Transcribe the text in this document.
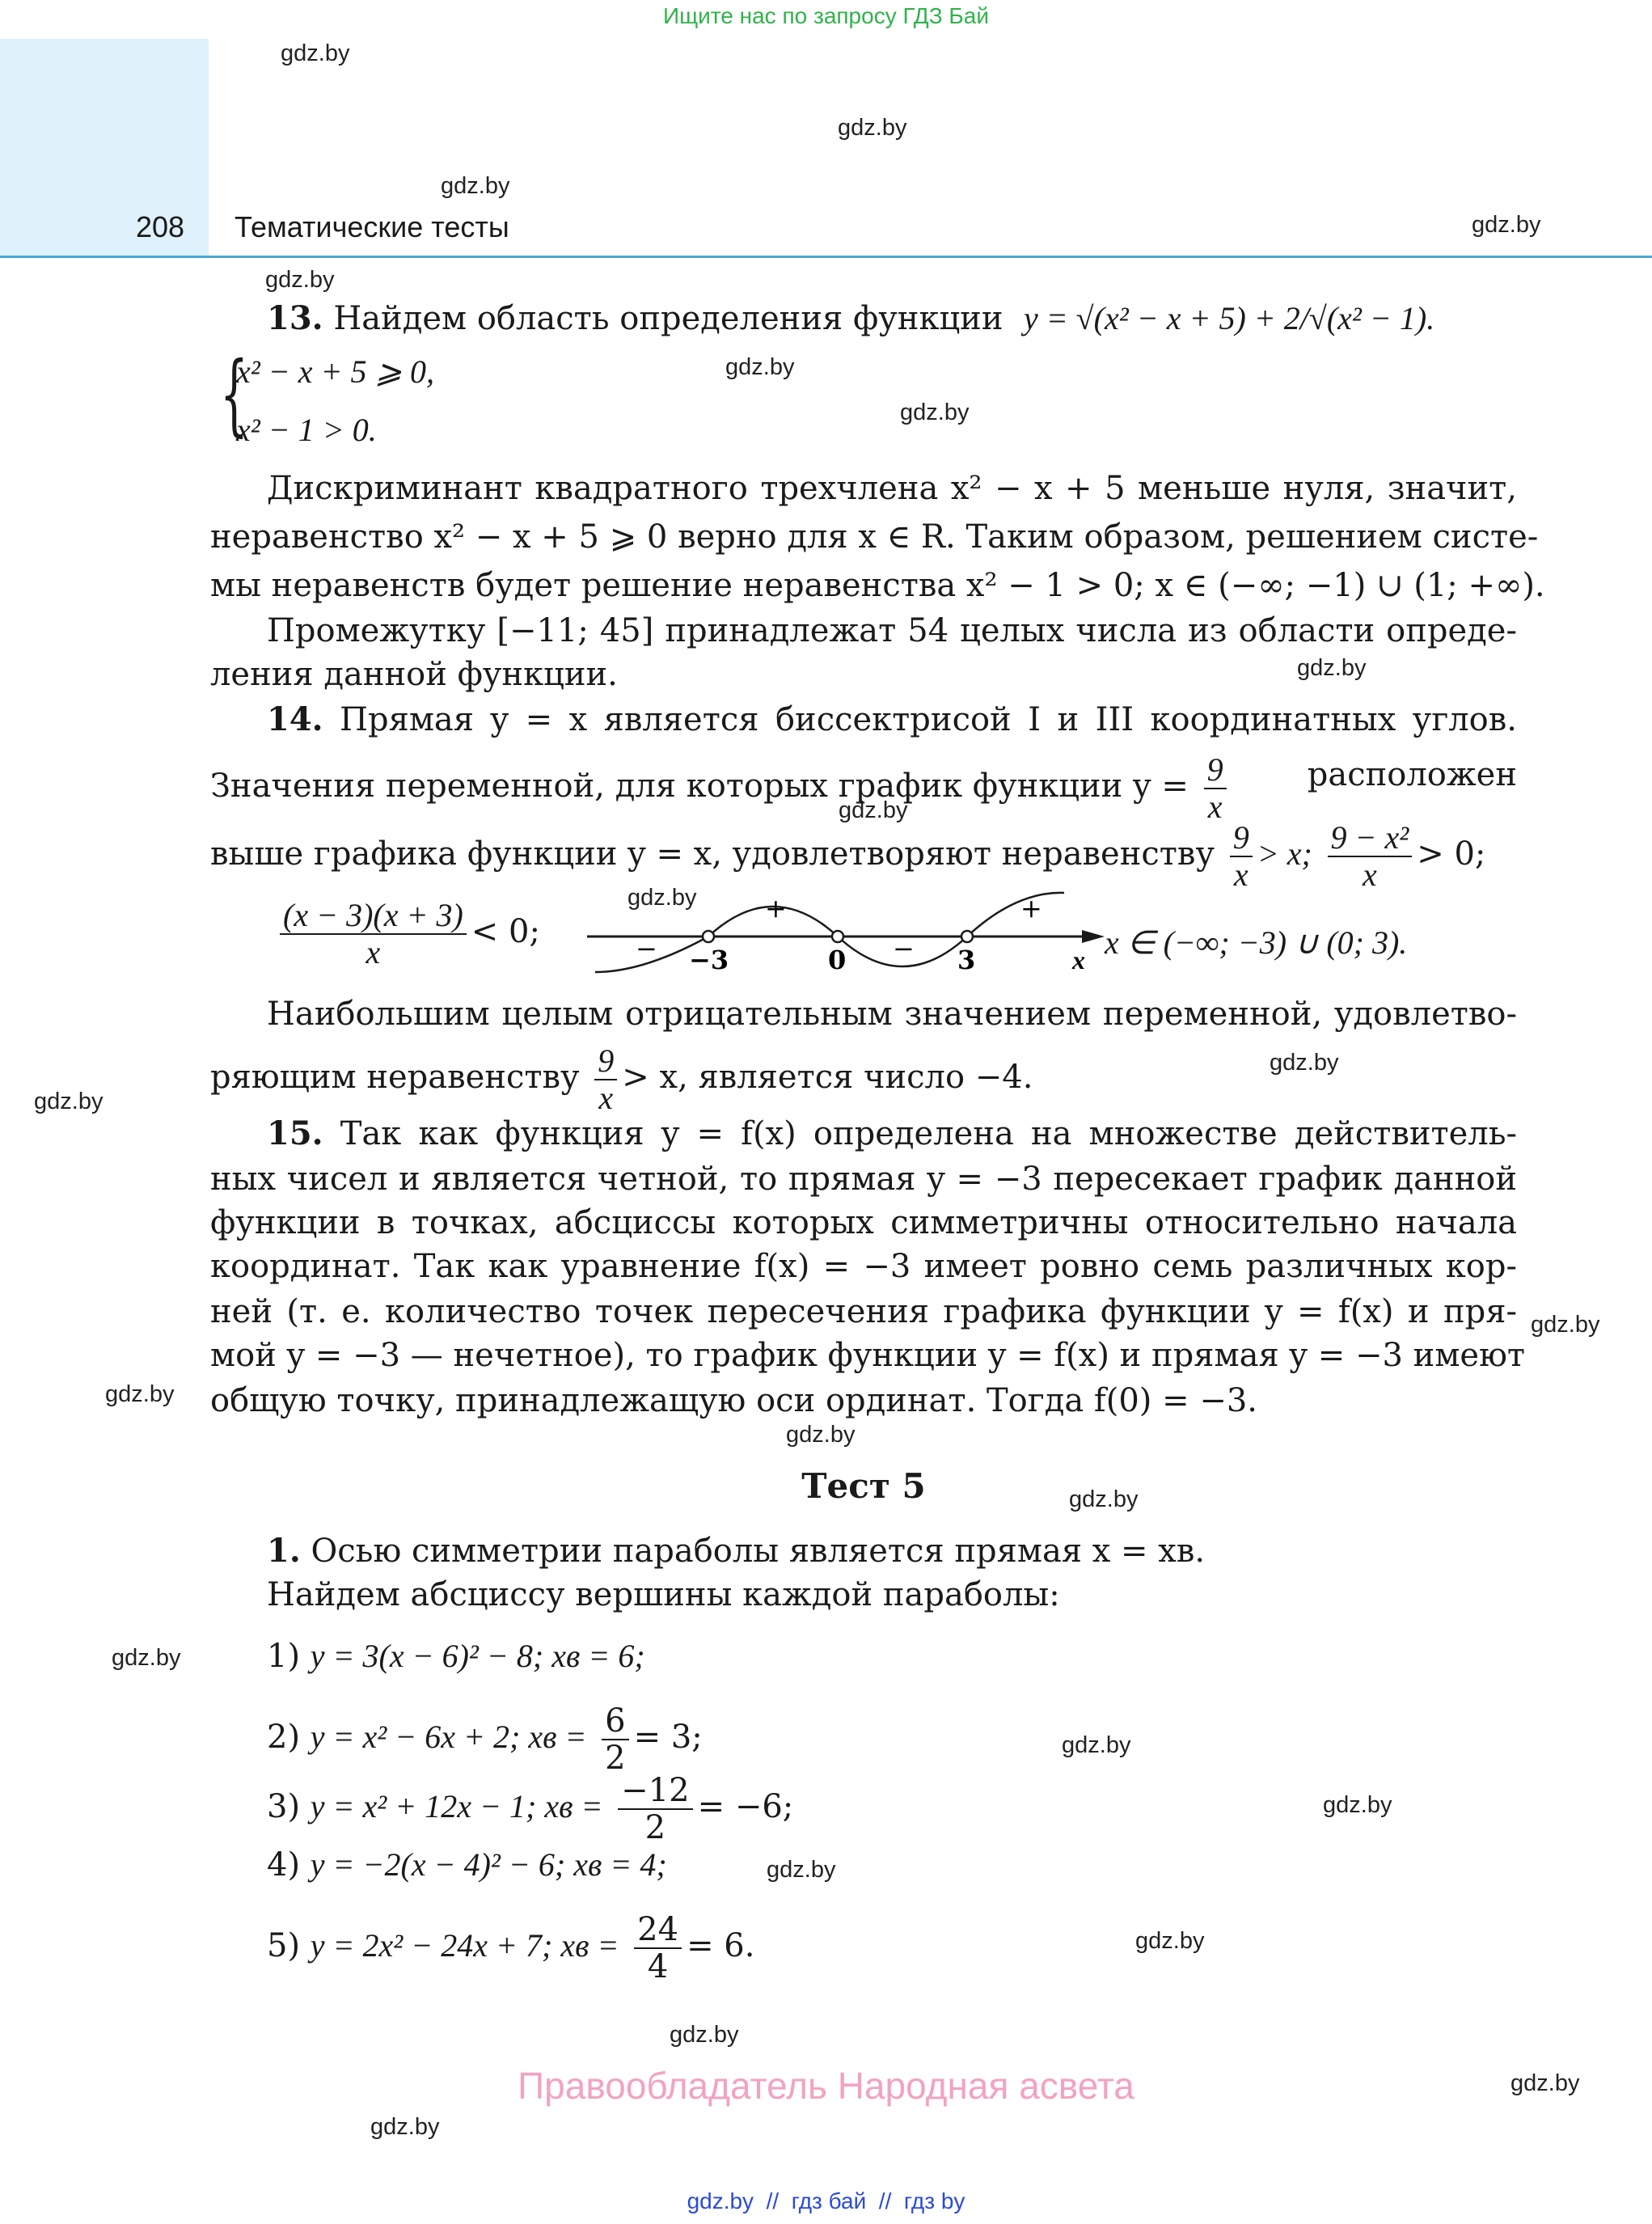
Ищите нас по запросу ГДЗ Бай
208 Тематические тесты
gdz.by
gdz.by
gdz.by
gdz.by
gdz.by
gdz.by
gdz.by
gdz.by
gdz.by
gdz.by
gdz.by
gdz.by
gdz.by
gdz.by
gdz.by
gdz.by
gdz.by
gdz.by
gdz.by
gdz.by
gdz.by
gdz.by
gdz.by
gdz.by
13. Найдем область определения функции y = √(x² − x + 5) + 2/√(x² − 1).
{
x² − x + 5 ⩾ 0,
x² − 1 > 0.
Дискриминант квадратного трехчлена x² − x + 5 меньше нуля, значит,
неравенство x² − x + 5 ⩾ 0 верно для x ∈ R. Таким образом, решением систе-
мы неравенств будет решение неравенства x² − 1 > 0; x ∈ (−∞; −1) ∪ (1; +∞).
Промежутку [−11; 45] принадлежат 54 целых числа из области опреде-
ления данной функции.
14. Прямая y = x является биссектрисой I и III координатных углов.
Значения переменной, для которых график функции $y = \frac{9}{x}$	расположен
выше графика функции y = x, удовлетворяют неравенству $\frac{9}{x} > x$; $\frac{\text{9 − x²}}{x} > 0$;
$\frac{(x - 3)(x + 3)}{x} < 0$;	−
+
−
+
−3	0	3	x x ∈ (−∞; −3) ∪ (0; 3).
Наибольшим целым отрицательным значением переменной, удовлетво-
ряющим неравенству $\frac{9}{x} > x$, является число −4.
15. Так как функция y = f(x) определена на множестве действитель-
ных чисел и является четной, то прямая y = −3 пересекает график данной
функции в точках, абсциссы которых симметричны относительно начала
координат. Так как уравнение f(x) = −3 имеет ровно семь различных кор-
ней (т. е. количество точек пересечения графика функции y = f(x) и пря-
мой y = −3 — нечетное), то график функции y = f(x) и прямая y = −3 имеют
общую точку, принадлежащую оси ординат. Тогда f(0) = −3.
Тест 5
1. Осью симметрии параболы является прямая x = xв.
Найдем абсциссу вершины каждой параболы:
1) y = 3(x − 6)² − 8; xв = 6;
2) y = x² − 6x + 2; xв = $\frac{6}{2} = 3$;
3) y = x² + 12x − 1; xв = $\frac{-12}{2} = -6$;
4) y = −2(x − 4)² − 6; xв = 4;
5) y = 2x² − 24x + 7; xв = $\frac{24}{4} = 6$.
Правообладатель Народная асвета
gdz.by  //  гдз бай  //  гдз by
